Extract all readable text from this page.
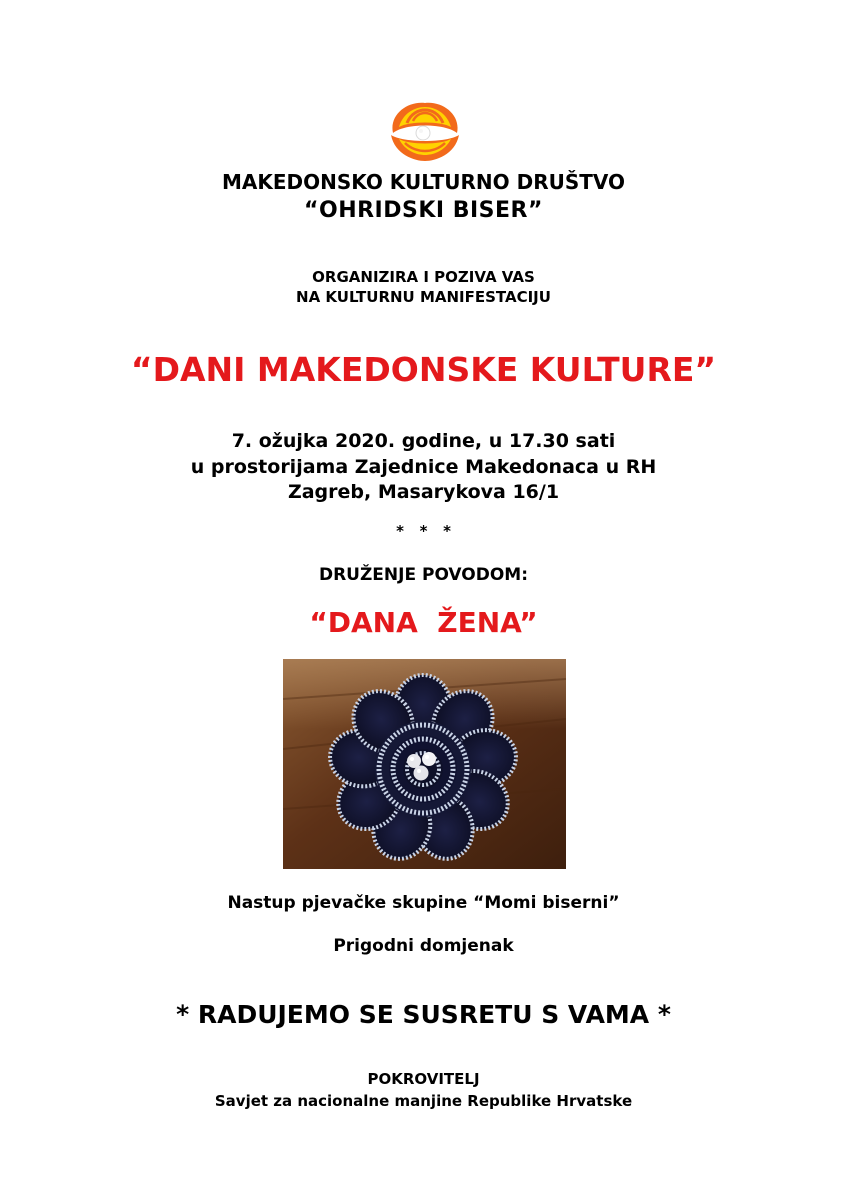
MAKEDONSKO KULTURNO DRUŠTVO
“OHRIDSKI BISER”
ORGANIZIRA I POZIVA VAS
NA KULTURNU MANIFESTACIJU
“DANI MAKEDONSKE KULTURE”
7. ožujka 2020. godine, u 17.30 sati
u prostorijama Zajednice Makedonaca u RH
Zagreb, Masarykova 16/1
*   *   *
DRUŽENJE POVODOM:
“DANA  ŽENA”
Nastup pjevačke skupine “Momi biserni”
Prigodni domjenak
* RADUJEMO SE SUSRETU S VAMA *
POKROVITELJ
Savjet za nacionalne manjine Republike Hrvatske
